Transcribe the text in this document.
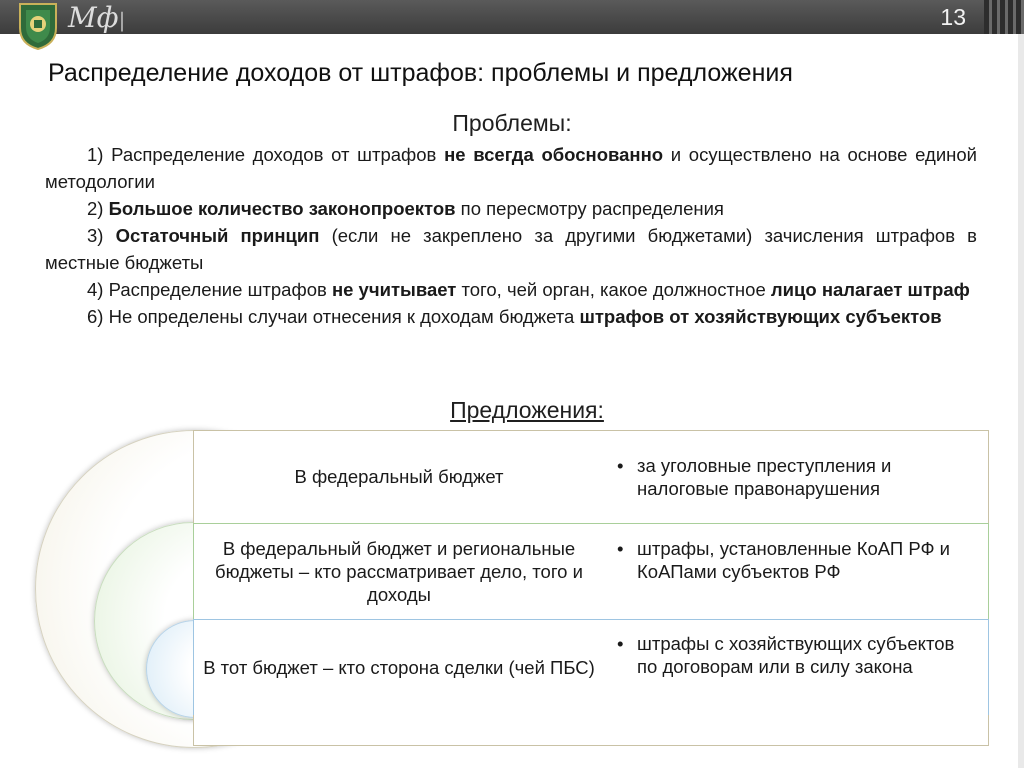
Мф|	13
Распределение доходов от штрафов: проблемы и предложения
Проблемы:

1) Распределение доходов от штрафов не всегда обоснованно и осуществлено на основе единой методологии

2) Большое количество законопроектов по пересмотру распределения

3) Остаточный принцип (если не закреплено за другими бюджетами) зачисления штрафов в местные бюджеты

4) Распределение штрафов не учитывает того, чей орган, какое должностное лицо налагает штраф

6) Не определены случаи отнесения к доходам бюджета штрафов от хозяйствующих субъектов

Предложения:
В федеральный бюджет
• за уголовные преступления и налоговые правонарушения
В федеральный бюджет и региональные бюджеты – кто рассматривает дело, того и доходы
• штрафы, установленные КоАП РФ и КоАПами субъектов РФ
В тот бюджет – кто сторона сделки (чей ПБС)
• штрафы с хозяйствующих субъектов по договорам или в силу закона
